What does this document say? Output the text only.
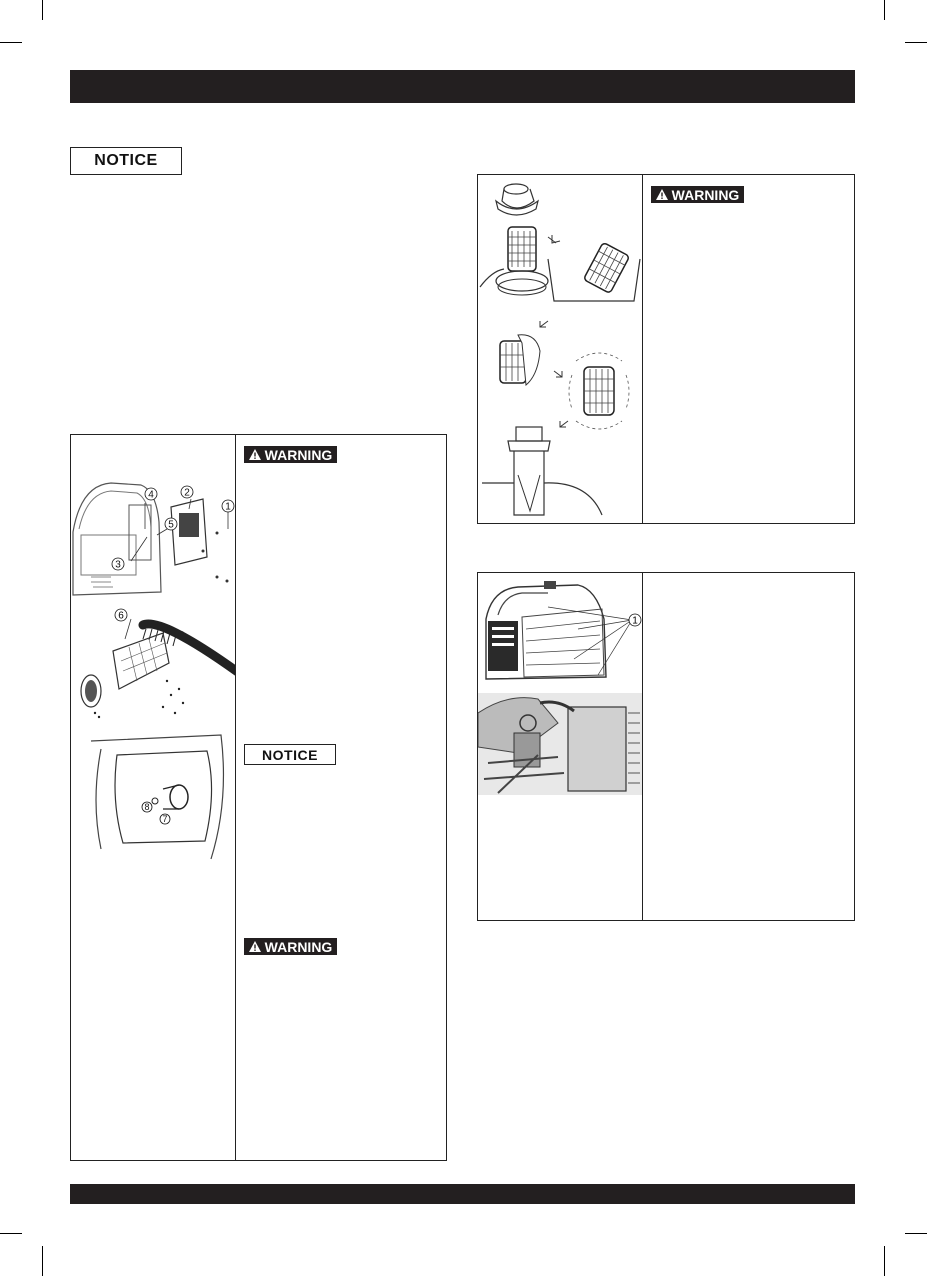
NOTICE
WARNING
NOTICE
WARNING
1
2
3
4
5
6
7
8
WARNING
1
